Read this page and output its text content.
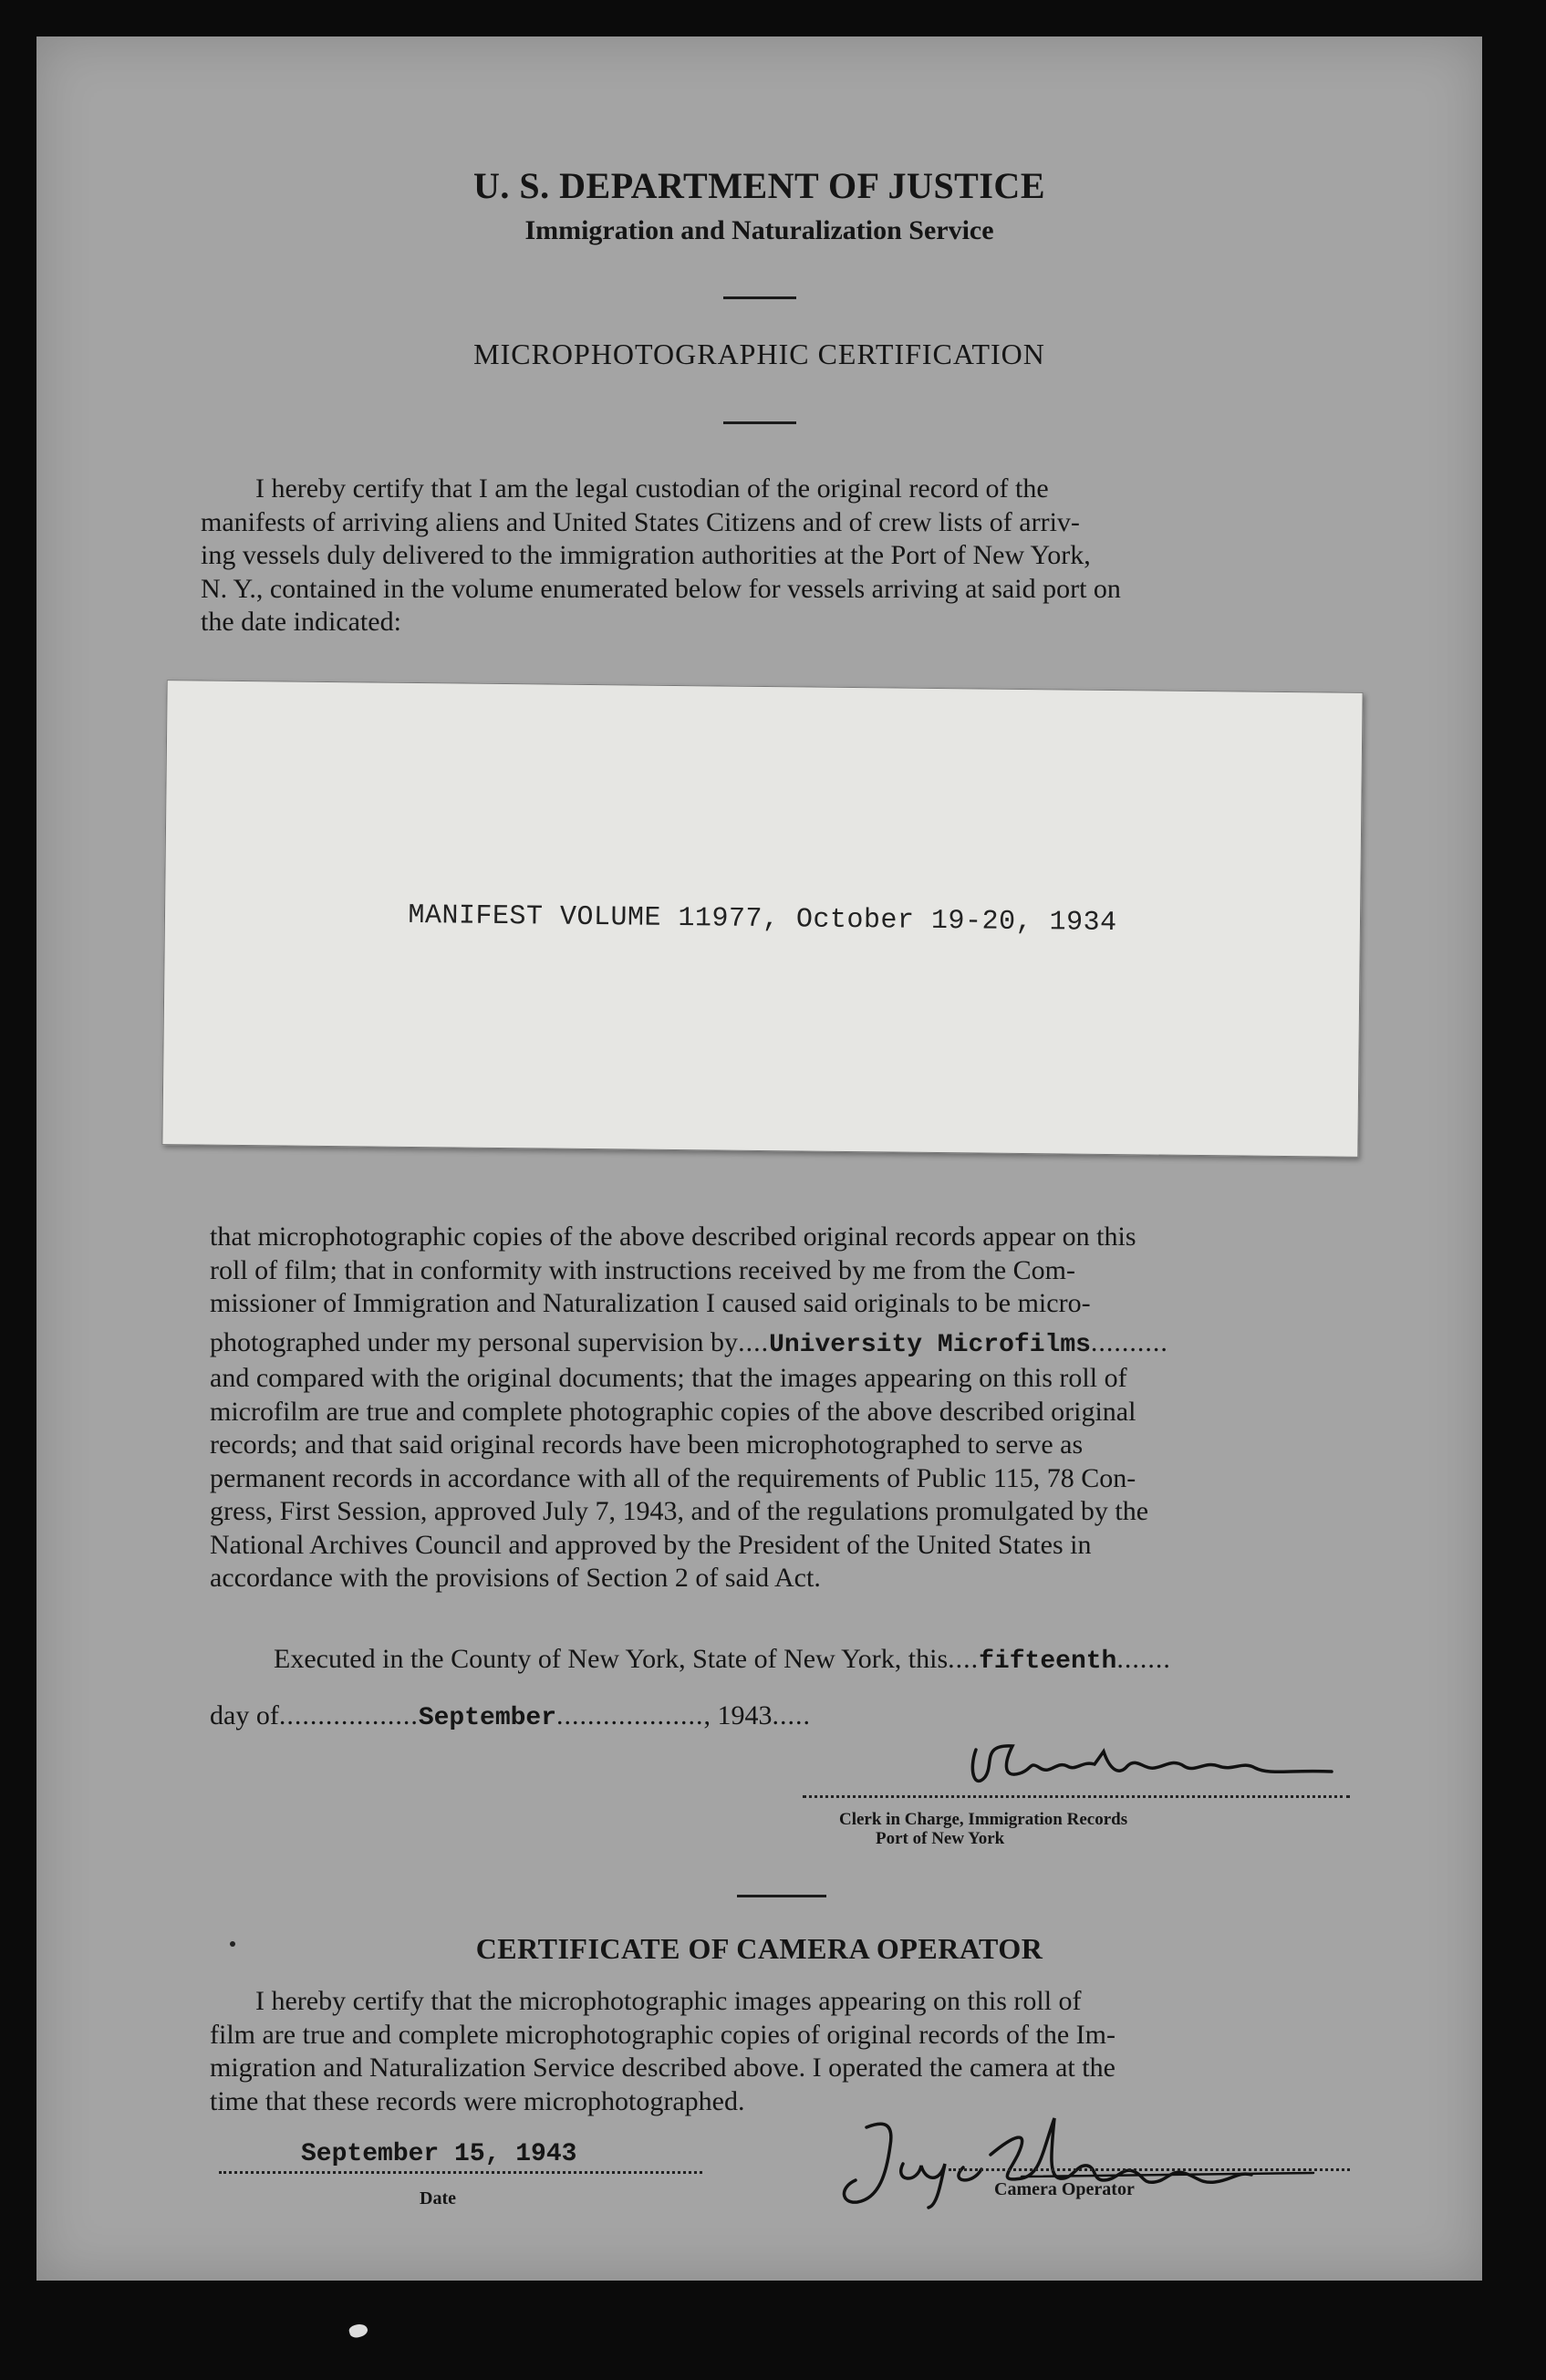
U. S. DEPARTMENT OF JUSTICE

Immigration and Naturalization Service

MICROPHOTOGRAPHIC CERTIFICATION

I hereby certify that I am the legal custodian of the original record of the
manifests of arriving aliens and United States Citizens and of crew lists of arriv-
ing vessels duly delivered to the immigration authorities at the Port of New York,
N. Y., contained in the volume enumerated below for vessels arriving at said port on
the date indicated:
MANIFEST VOLUME 11977, October 19-20, 1934
that microphotographic copies of the above described original records appear on this
roll of film; that in conformity with instructions received by me from the Com-
missioner of Immigration and Naturalization I caused said originals to be micro-
photographed under my personal supervision by....University Microfilms..........
and compared with the original documents; that the images appearing on this roll of
microfilm are true and complete photographic copies of the above described original
records; and that said original records have been microphotographed to serve as
permanent records in accordance with all of the requirements of Public 115, 78 Con-
gress, First Session, approved July 7, 1943, and of the regulations promulgated by the
National Archives Council and approved by the President of the United States in
accordance with the provisions of Section 2 of said Act.
Executed in the County of New York, State of New York, this....fifteenth.......
day of..................September..................., 1943.....
Clerk in Charge, Immigration Records
Port of New York

CERTIFICATE OF CAMERA OPERATOR

I hereby certify that the microphotographic images appearing on this roll of
film are true and complete microphotographic copies of original records of the Im-
migration and Naturalization Service described above. I operated the camera at the
time that these records were microphotographed.
September 15, 1943
Date	Camera Operator
